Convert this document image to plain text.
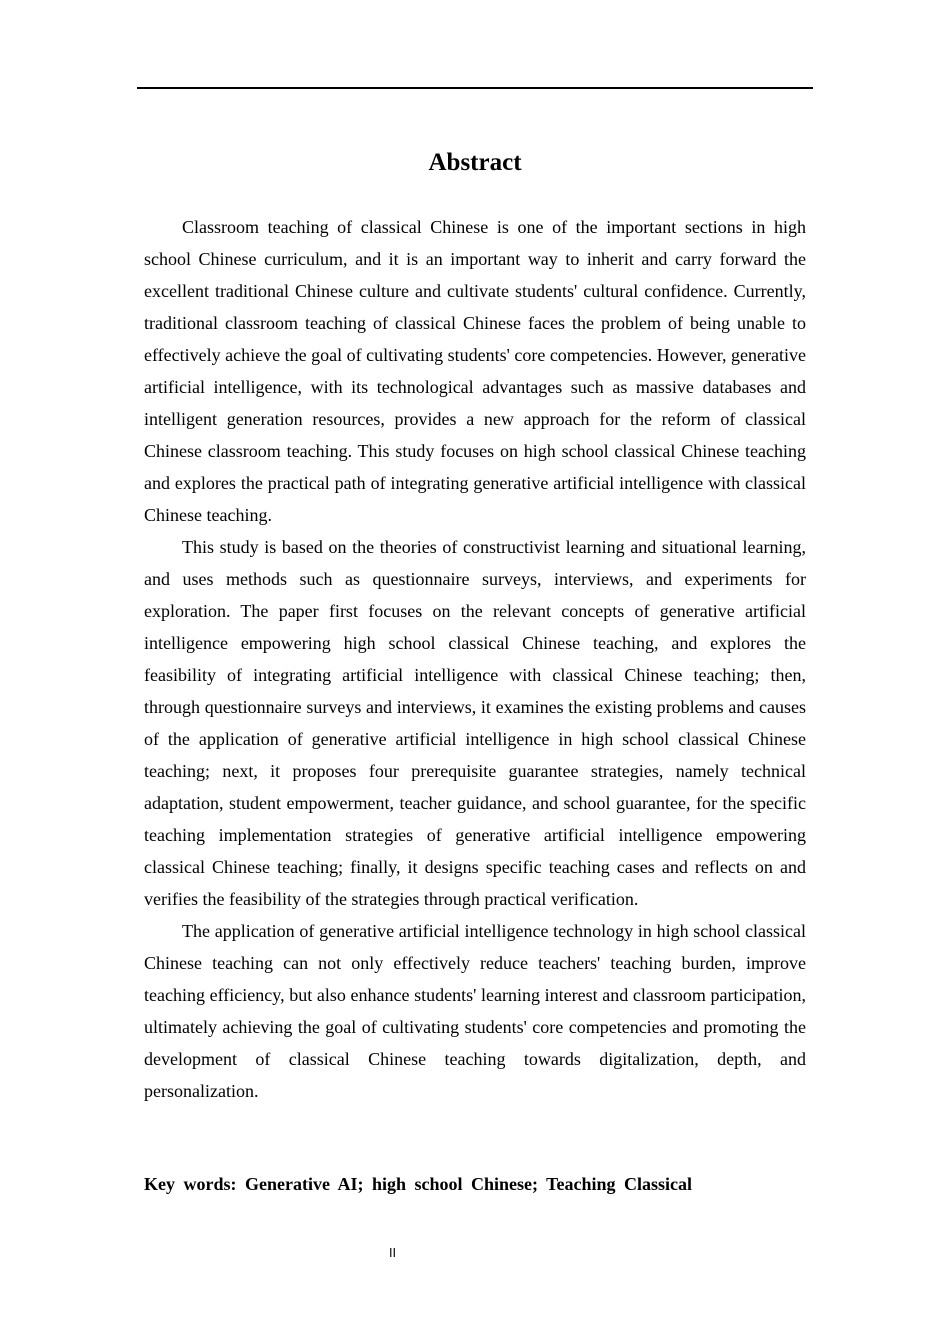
Abstract

Classroom teaching of classical Chinese is one of the important sections in high school Chinese curriculum, and it is an important way to inherit and carry forward the excellent traditional Chinese culture and cultivate students' cultural confidence. Currently, traditional classroom teaching of classical Chinese faces the problem of being unable to effectively achieve the goal of cultivating students' core competencies. However, generative artificial intelligence, with its technological advantages such as massive databases and intelligent generation resources, provides a new approach for the reform of classical Chinese classroom teaching. This study focuses on high school classical Chinese teaching and explores the practical path of integrating generative artificial intelligence with classical Chinese teaching.

This study is based on the theories of constructivist learning and situational learning, and uses methods such as questionnaire surveys, interviews, and experiments for exploration. The paper first focuses on the relevant concepts of generative artificial intelligence empowering high school classical Chinese teaching, and explores the feasibility of integrating artificial intelligence with classical Chinese teaching; then, through questionnaire surveys and interviews, it examines the existing problems and causes of the application of generative artificial intelligence in high school classical Chinese teaching; next, it proposes four prerequisite guarantee strategies, namely technical adaptation, student empowerment, teacher guidance, and school guarantee, for the specific teaching implementation strategies of generative artificial intelligence empowering classical Chinese teaching; finally, it designs specific teaching cases and reflects on and verifies the feasibility of the strategies through practical verification.

The application of generative artificial intelligence technology in high school classical Chinese teaching can not only effectively reduce teachers' teaching burden, improve teaching efficiency, but also enhance students' learning interest and classroom participation, ultimately achieving the goal of cultivating students' core competencies and promoting the development of classical Chinese teaching towards digitalization, depth, and personalization.

Key words: Generative AI; high school Chinese; Teaching Classical

II
